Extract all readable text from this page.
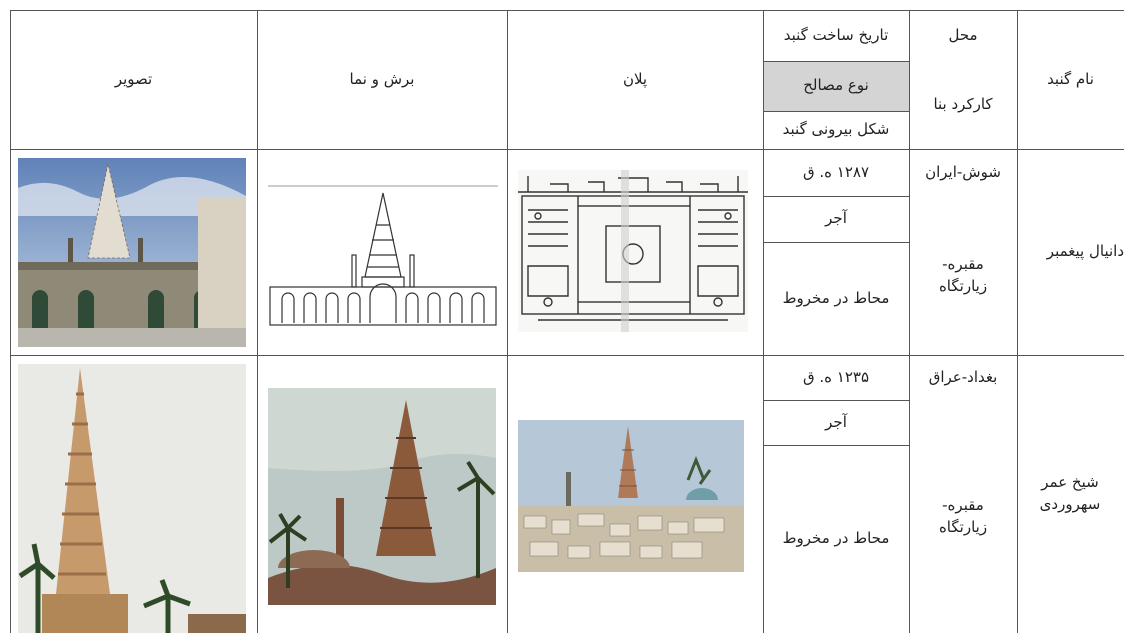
نام گنبد
محل
کارکرد بنا
تاریخ ساخت گنبد
نوع مصالح
شکل بیرونی گنبد
پلان
برش و نما
تصویر
دانیال پیغمبر
شوش-ایران
مقبره- زیارتگاه
۱۲۸۷ ه. ق
آجر
محاط در مخروط
شیخ عمر سهروردی
بغداد-عراق
مقبره- زیارتگاه
۱۲۳۵ ه. ق
آجر
محاط در مخروط
